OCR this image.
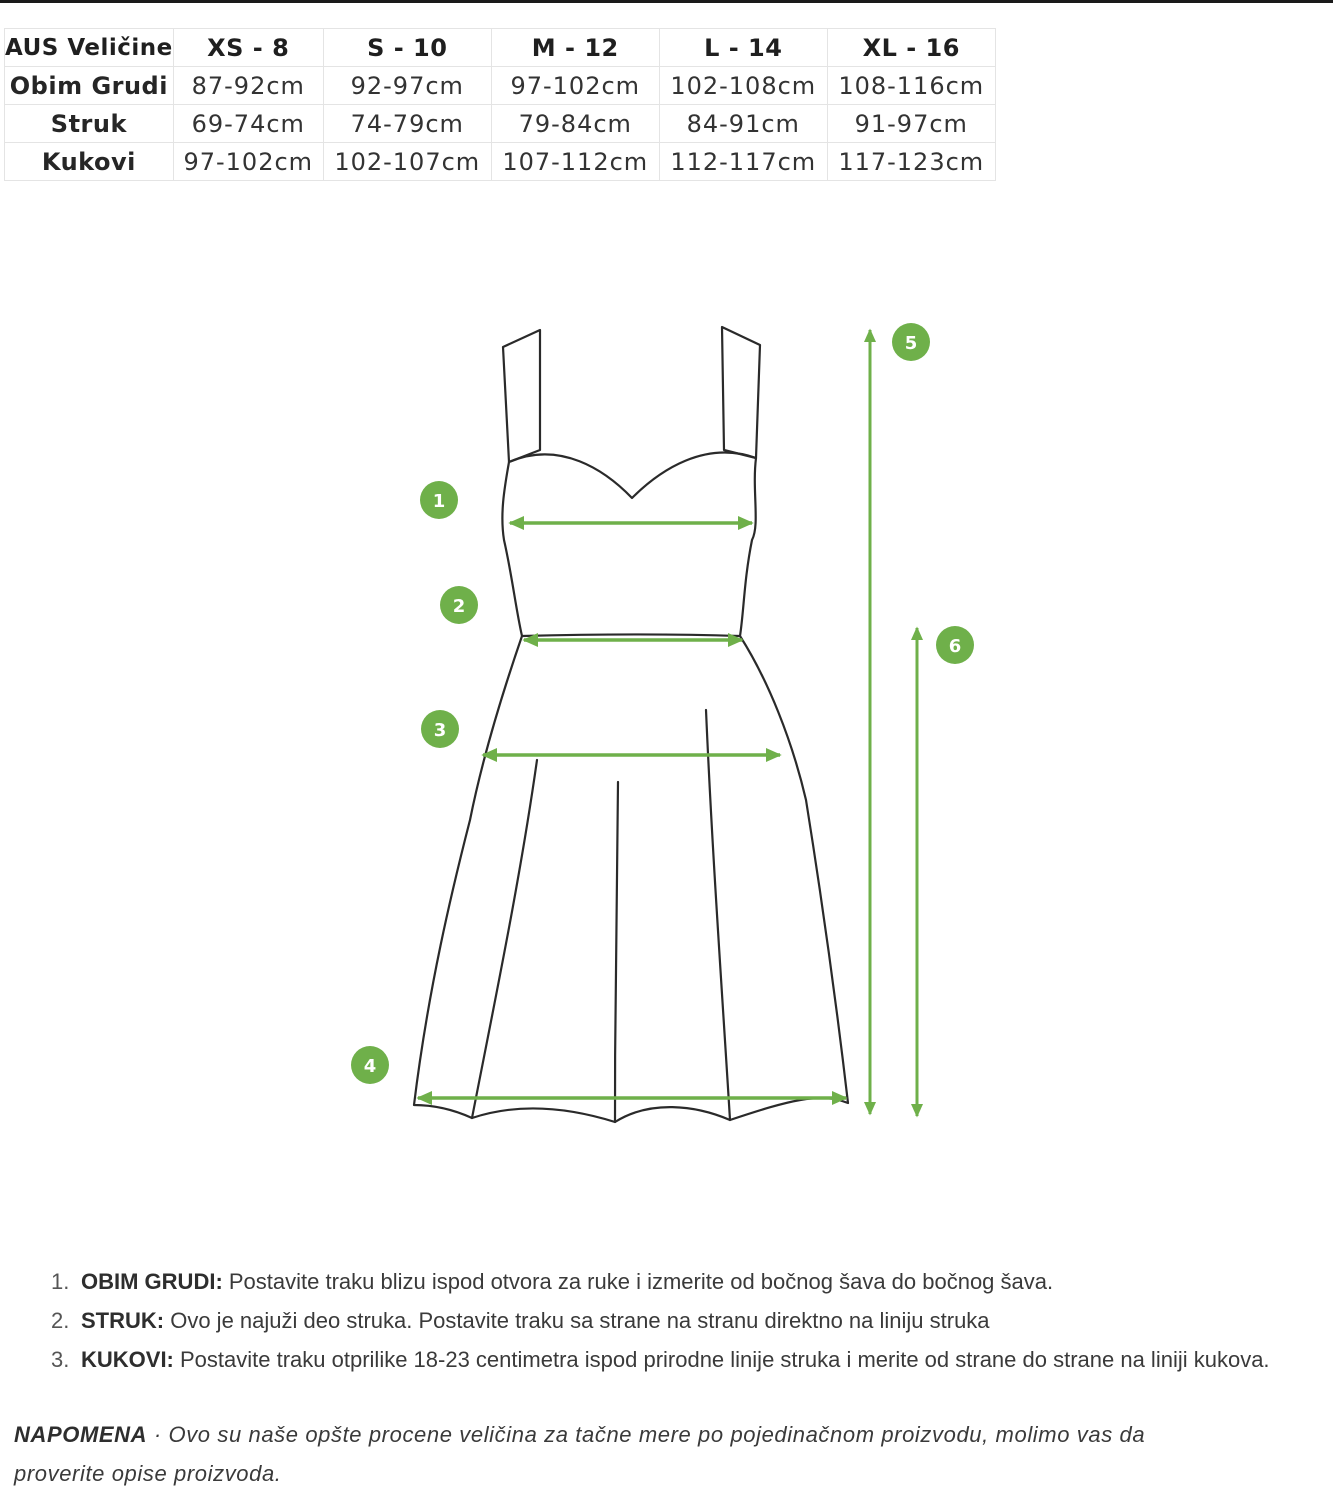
AUS Veličine	XS - 8	S - 10	M - 12	L - 14	XL - 16
Obim Grudi	87-92cm	92-97cm	97-102cm	102-108cm	108-116cm
Struk	69-74cm	74-79cm	79-84cm	84-91cm	91-97cm
Kukovi	97-102cm	102-107cm	107-112cm	112-117cm	117-123cm
1
2
3
4
5
6
1. OBIM GRUDI: Postavite traku blizu ispod otvora za ruke i izmerite od bočnog šava do bočnog šava.
2. STRUK: Ovo je najuži deo struka. Postavite traku sa strane na stranu direktno na liniju struka
3. KUKOVI: Postavite traku otprilike 18-23 centimetra ispod prirodne linije struka i merite od strane do strane na liniji kukova.

NAPOMENA · Ovo su naše opšte procene veličina za tačne mere po pojedinačnom proizvodu, molimo vas da proverite opise proizvoda.
